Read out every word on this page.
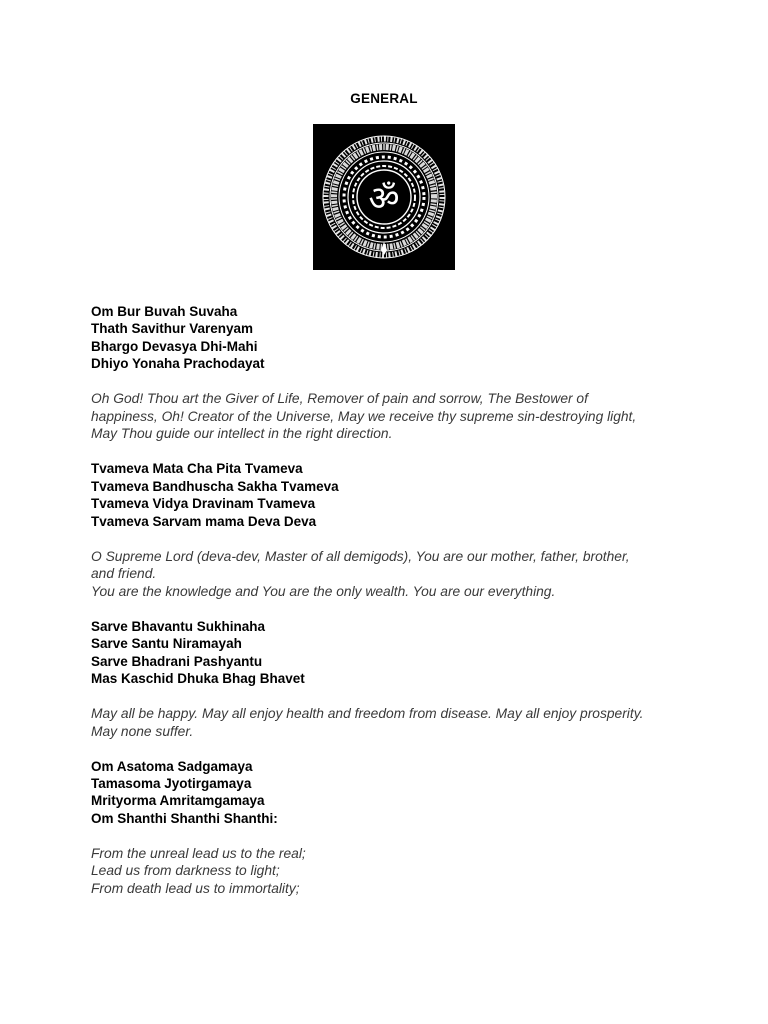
GENERAL
ॐ
Om Bur Buvah Suvaha
Thath Savithur Varenyam
Bhargo Devasya Dhi-Mahi
Dhiyo Yonaha Prachodayat
Oh God! Thou art the Giver of Life, Remover of pain and sorrow, The Bestower of happiness, Oh! Creator of the Universe, May we receive thy supreme sin-destroying light, May Thou guide our intellect in the right direction.
Tvameva Mata Cha Pita Tvameva
Tvameva Bandhuscha Sakha Tvameva
Tvameva Vidya Dravinam Tvameva
Tvameva Sarvam mama Deva Deva
O Supreme Lord (deva-dev, Master of all demigods), You are our mother, father, brother, and friend.
You are the knowledge and You are the only wealth. You are our everything.
Sarve Bhavantu Sukhinaha
Sarve Santu Niramayah
Sarve Bhadrani Pashyantu
Mas Kaschid Dhuka Bhag Bhavet
May all be happy. May all enjoy health and freedom from disease. May all enjoy prosperity. May none suffer.
Om Asatoma Sadgamaya
Tamasoma Jyotirgamaya
Mrityorma Amritamgamaya
Om Shanthi Shanthi Shanthi:
From the unreal lead us to the real;
Lead us from darkness to light;
From death lead us to immortality;
